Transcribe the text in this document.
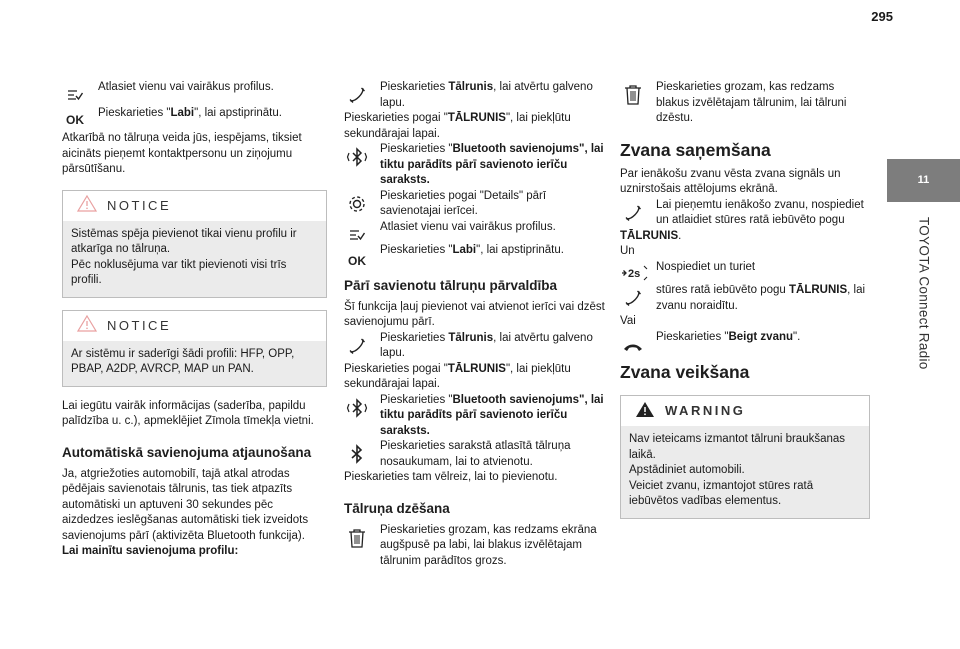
295
11
TOYOTA Connect Radio

Atlasiet vienu vai vairākus profilus.

OK

Pieskarieties "Labi", lai apstiprinātu.

Atkarībā no tālruņa veida jūs, iespējams, tiksiet aicināts pieņemt kontaktpersonu un ziņojumu pārsūtīšanu.

NOTICE
Sistēmas spēja pievienot tikai vienu profilu ir atkarīga no tālruņa.
Pēc noklusējuma var tikt pievienoti visi trīs profili.
NOTICE
Ar sistēmu ir saderīgi šādi profili: HFP, OPP, PBAP, A2DP, AVRCP, MAP un PAN.

Lai iegūtu vairāk informācijas (saderība, papildu palīdzība u. c.), apmeklējiet Zīmola tīmekļa vietni.

Automātiskā savienojuma atjaunošana

Ja, atgriežoties automobilī, tajā atkal atrodas pēdējais savienotais tālrunis, tas tiek atpazīts automātiski un aptuveni 30 sekundes pēc aizdedzes ieslēgšanas automātiski tiek izveidots savienojums pārī (aktivizēta Bluetooth funkcija).

Lai mainītu savienojuma profilu:

Pieskarieties Tālrunis, lai atvērtu galveno lapu.

Pieskarieties pogai "TĀLRUNIS", lai piekļūtu sekundārajai lapai.

Pieskarieties "Bluetooth savienojums", lai tiktu parādīts pārī savienoto ierīču saraksts.

Pieskarieties pogai "Details" pārī savienotajai ierīcei.

Atlasiet vienu vai vairākus profilus.

OK

Pieskarieties "Labi", lai apstiprinātu.

Pārī savienotu tālruņu pārvaldība

Šī funkcija ļauj pievienot vai atvienot ierīci vai dzēst savienojumu pārī.

Pieskarieties Tālrunis, lai atvērtu galveno lapu.

Pieskarieties pogai "TĀLRUNIS", lai piekļūtu sekundārajai lapai.

Pieskarieties "Bluetooth savienojums", lai tiktu parādīts pārī savienoto ierīču saraksts.

Pieskarieties sarakstā atlasītā tālruņa nosaukumam, lai to atvienotu.

Pieskarieties tam vēlreiz, lai to pievienotu.

Tālruņa dzēšana

Pieskarieties grozam, kas redzams ekrāna augšpusē pa labi, lai blakus izvēlētajam tālrunim parādītos grozs.

Pieskarieties grozam, kas redzams blakus izvēlētajam tālrunim, lai tālruni dzēstu.

Zvana saņemšana

Par ienākošu zvanu vēsta zvana signāls un uznirstošais attēlojums ekrānā.

Lai pieņemtu ienākošo zvanu, nospiediet un atlaidiet stūres ratā iebūvēto pogu

TĀLRUNIS.

Un

2s

Nospiediet un turiet

stūres ratā iebūvēto pogu TĀLRUNIS, lai zvanu noraidītu.

Vai

Pieskarieties "Beigt zvanu".

Zvana veikšana
WARNING
Nav ieteicams izmantot tālruni braukšanas laikā.
Apstādiniet automobili.
Veiciet zvanu, izmantojot stūres ratā iebūvētos vadības elementus.
